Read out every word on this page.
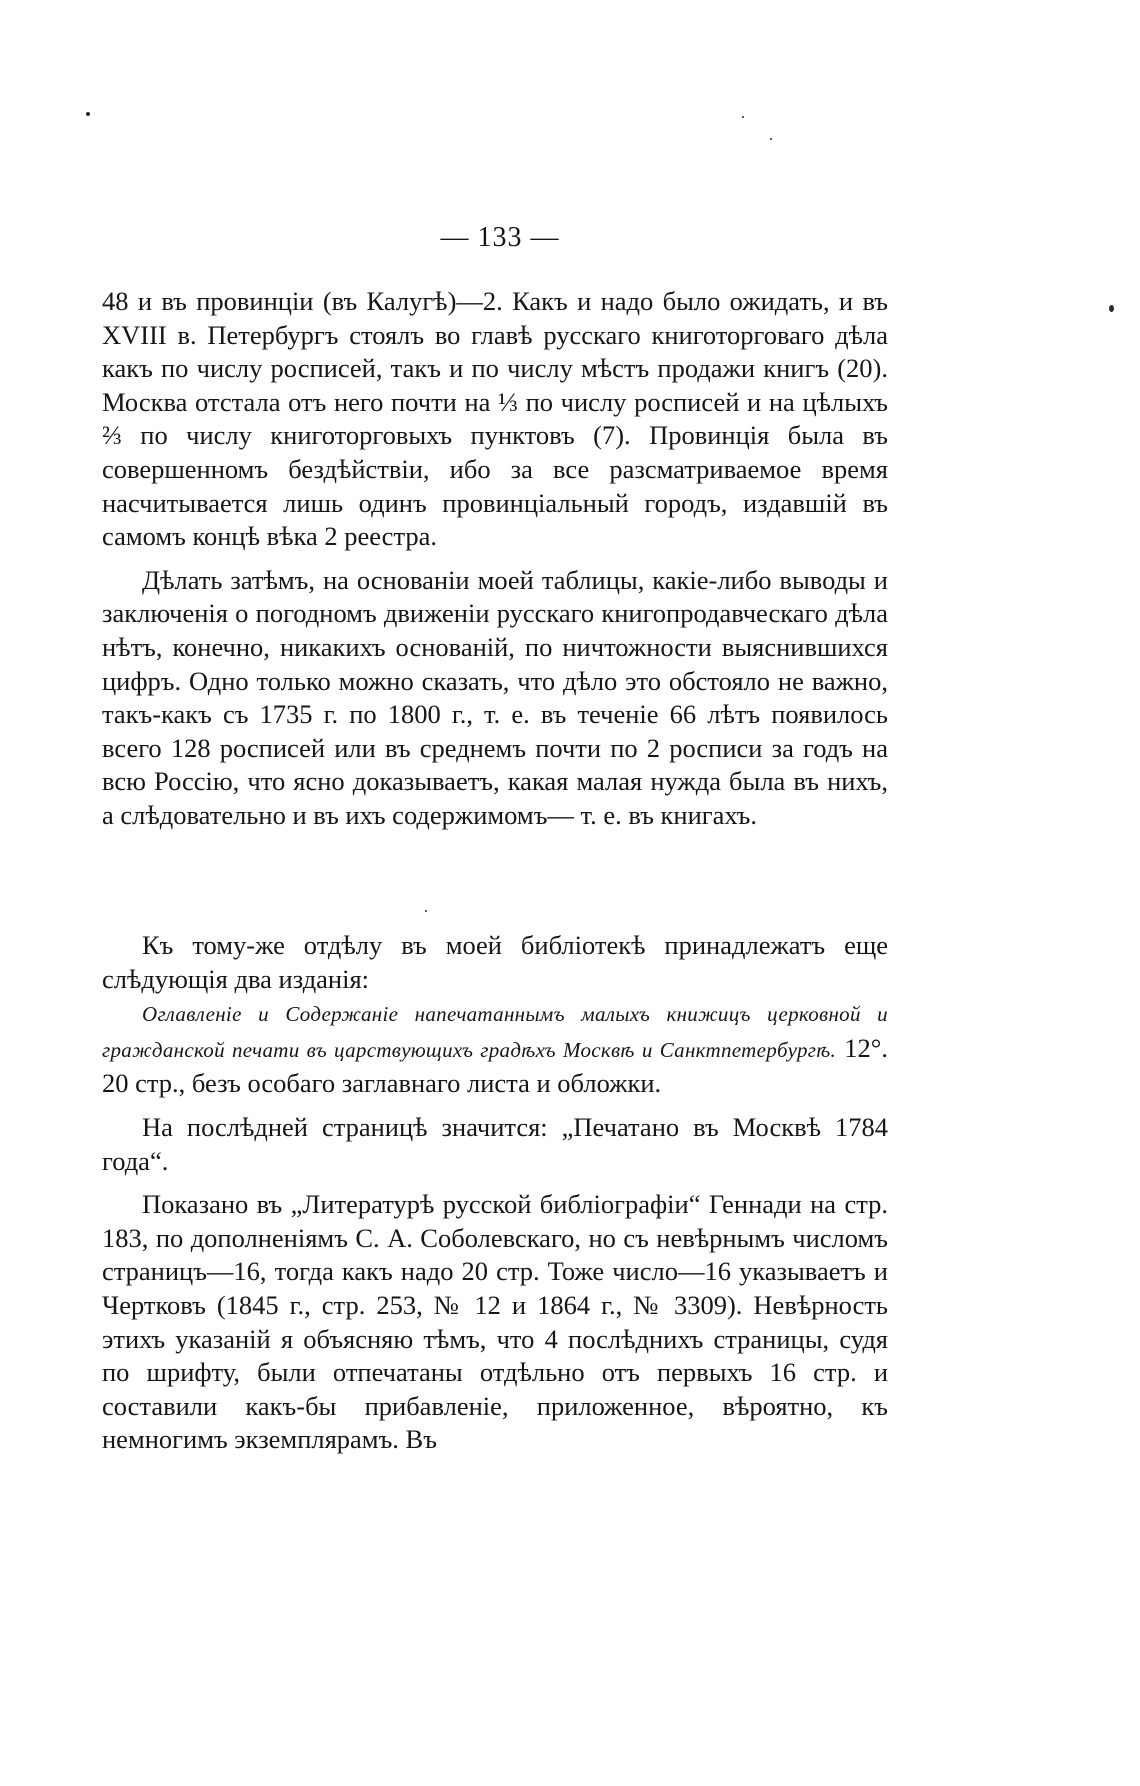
— 133 —

48 и въ провинціи (въ Калугѣ)—2. Какъ и надо было ожидать, и въ XVIII в. Петербургъ стоялъ во главѣ русскаго книготорговаго дѣла какъ по числу росписей, такъ и по числу мѣстъ продажи книгъ (20). Москва отстала отъ него почти на ⅓ по числу росписей и на цѣлыхъ ⅔ по числу книготорговыхъ пунктовъ (7). Провинція была въ совершенномъ бездѣйствіи, ибо за все разсматриваемое время насчитывается лишь одинъ провинціальный городъ, издавшій въ самомъ концѣ вѣка 2 реестра.

Дѣлать затѣмъ, на основаніи моей таблицы, какіе-либо выводы и заключенія о погодномъ движеніи русскаго книгопродавческаго дѣла нѣтъ, конечно, никакихъ основаній, по ничтожности выяснившихся цифръ. Одно только можно сказать, что дѣло это обстояло не важно, такъ-какъ съ 1735 г. по 1800 г., т. е. въ теченіе 66 лѣтъ появилось всего 128 росписей или въ среднемъ почти по 2 росписи за годъ на всю Россію, что ясно доказываетъ, какая малая нужда была въ нихъ, а слѣдовательно и въ ихъ содержимомъ— т. е. въ книгахъ.

Къ тому-же отдѣлу въ моей библіотекѣ принадлежатъ еще слѣдующія два изданія:

Оглавленіе и Содержаніе напечатаннымъ малыхъ книжицъ церковной и гражданской печати въ царствующихъ градѣхъ Москвѣ и Санктпетербургѣ. 12°. 20 стр., безъ особаго заглавнаго листа и обложки.

На послѣдней страницѣ значится: „Печатано въ Москвѣ 1784 года“.

Показано въ „Литературѣ русской библіографіи“ Геннади на стр. 183, по дополненіямъ С. А. Соболевскаго, но съ невѣрнымъ числомъ страницъ—16, тогда какъ надо 20 стр. Тоже число—16 указываетъ и Чертковъ (1845 г., стр. 253, № 12 и 1864 г., № 3309). Невѣрность этихъ указаній я объясняю тѣмъ, что 4 послѣднихъ страницы, судя по шрифту, были отпечатаны отдѣльно отъ первыхъ 16 стр. и составили какъ-бы прибавленіе, приложенное, вѣроятно, къ немногимъ экземплярамъ. Въ
